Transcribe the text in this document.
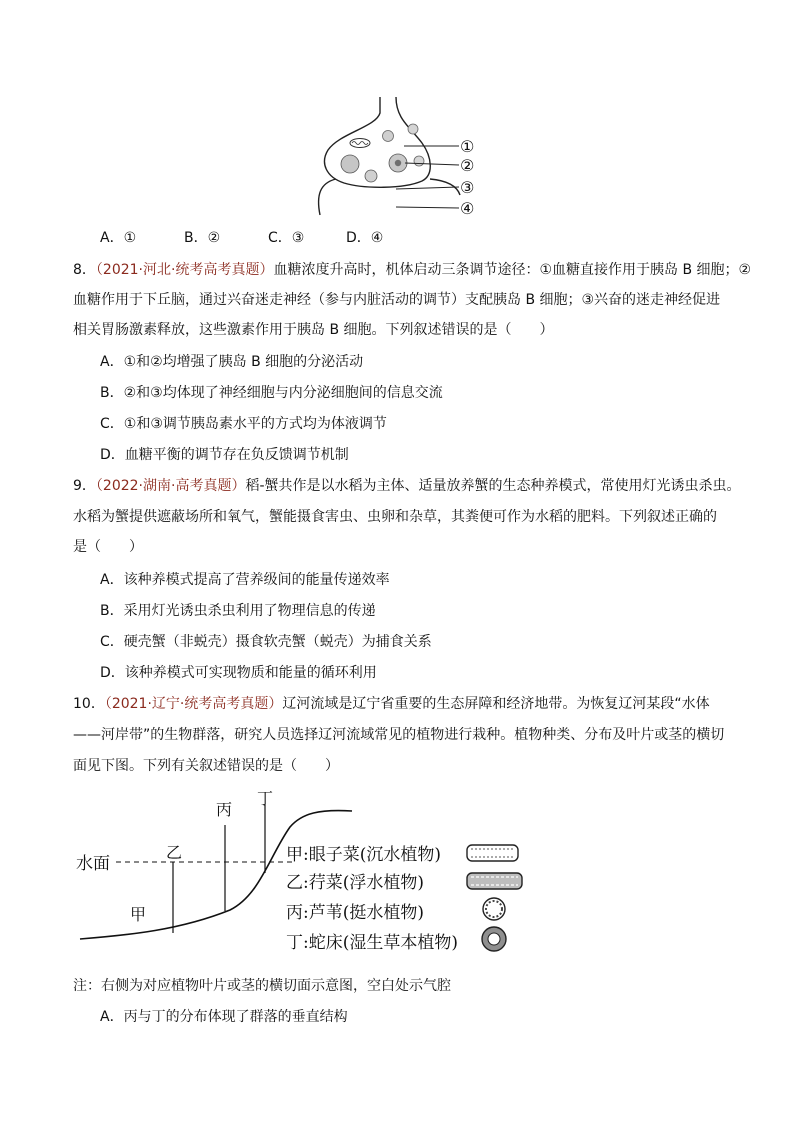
①
②
③
④
A．①	B．②	C．③	D．④
8．（2021·河北·统考高考真题）血糖浓度升高时，机体启动三条调节途径：①血糖直接作用于胰岛 B 细胞；②
血糖作用于下丘脑，通过兴奋迷走神经（参与内脏活动的调节）支配胰岛 B 细胞；③兴奋的迷走神经促进
相关胃肠激素释放，这些激素作用于胰岛 B 细胞。下列叙述错误的是（　　）
A．①和②均增强了胰岛 B 细胞的分泌活动
B．②和③均体现了神经细胞与内分泌细胞间的信息交流
C．①和③调节胰岛素水平的方式均为体液调节
D．血糖平衡的调节存在负反馈调节机制
9．（2022·湖南·高考真题）稻-蟹共作是以水稻为主体、适量放养蟹的生态种养模式，常使用灯光诱虫杀虫。
水稻为蟹提供遮蔽场所和氧气，蟹能摄食害虫、虫卵和杂草，其粪便可作为水稻的肥料。下列叙述正确的
是（　　）
A．该种养模式提高了营养级间的能量传递效率
B．采用灯光诱虫杀虫利用了物理信息的传递
C．硬壳蟹（非蜕壳）摄食软壳蟹（蜕壳）为捕食关系
D．该种养模式可实现物质和能量的循环利用
10．（2021·辽宁·统考高考真题）辽河流域是辽宁省重要的生态屏障和经济地带。为恢复辽河某段“水体
——河岸带”的生物群落，研究人员选择辽河流域常见的植物进行栽种。植物种类、分布及叶片或茎的横切
面见下图。下列有关叙述错误的是（　　）
水面
甲
乙
丙
丁
甲:眼子菜(沉水植物)
乙:荇菜(浮水植物)
丙:芦苇(挺水植物)
丁:蛇床(湿生草本植物)
注：右侧为对应植物叶片或茎的横切面示意图，空白处示气腔
A．丙与丁的分布体现了群落的垂直结构
